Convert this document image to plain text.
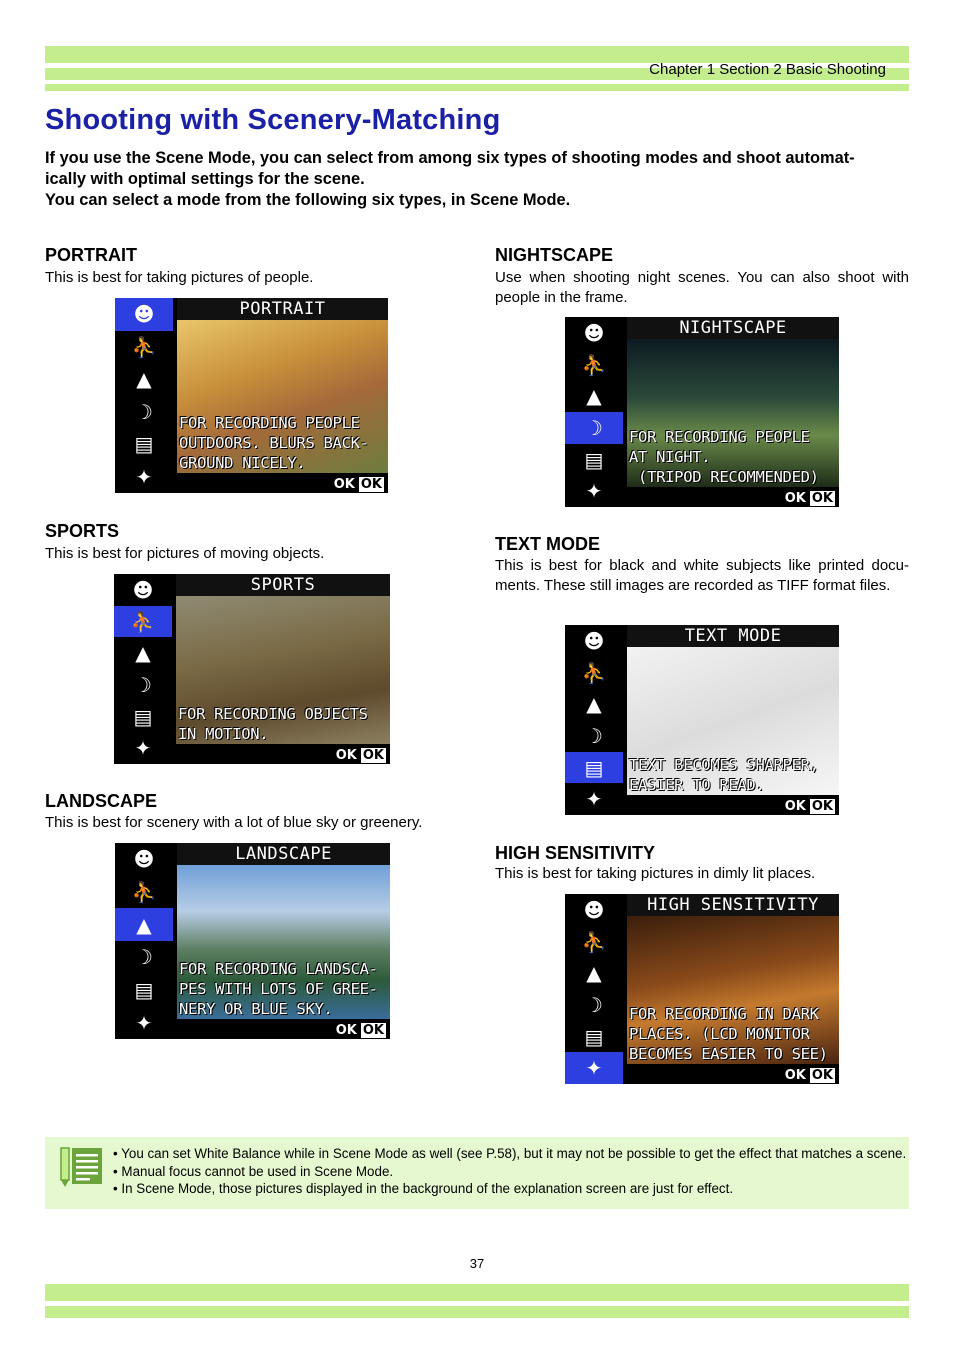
Chapter 1 Section 2 Basic Shooting
Shooting with Scenery-Matching
If you use the Scene Mode, you can select from among six types of shooting modes and shoot automat-
ically with optimal settings for the scene.
You can select a mode from the following six types, in Scene Mode.
PORTRAIT

This is best for taking pictures of people.

☻
⛹
▲
☽
▤
✦
PORTRAIT
FOR RECORDING PEOPLE
OUTDOORS. BLURS BACK-
GROUND NICELY.
OK OK
SPORTS

This is best for pictures of moving objects.

☻
⛹
▲
☽
▤
✦
SPORTS
FOR RECORDING OBJECTS
IN MOTION.
OK OK
LANDSCAPE

This is best for scenery with a lot of blue sky or greenery.

☻
⛹
▲
☽
▤
✦
LANDSCAPE
FOR RECORDING LANDSCA-
PES WITH LOTS OF GREE-
NERY OR BLUE SKY.
OK OK
NIGHTSCAPE

Use when shooting night scenes. You can also shoot with people in the frame.

☻
⛹
▲
☽
▤
✦
NIGHTSCAPE
FOR RECORDING PEOPLE
AT NIGHT.
(TRIPOD RECOMMENDED)
OK OK
TEXT MODE

This is best for black and white subjects like printed docu-ments. These still images are recorded as TIFF format files.

☻
⛹
▲
☽
▤
✦
TEXT MODE
TEXT BECOMES SHARPER,
EASIER TO READ.
OK OK
HIGH SENSITIVITY

This is best for taking pictures in dimly lit places.

☻
⛹
▲
☽
▤
✦
HIGH SENSITIVITY
FOR RECORDING IN DARK
PLACES. (LCD MONITOR
BECOMES EASIER TO SEE)
OK OK
• You can set White Balance while in Scene Mode as well (see P.58), but it may not be possible to get the effect that matches a scene.
• Manual focus cannot be used in Scene Mode.
• In Scene Mode, those pictures displayed in the background of the explanation screen are just for effect.
37
